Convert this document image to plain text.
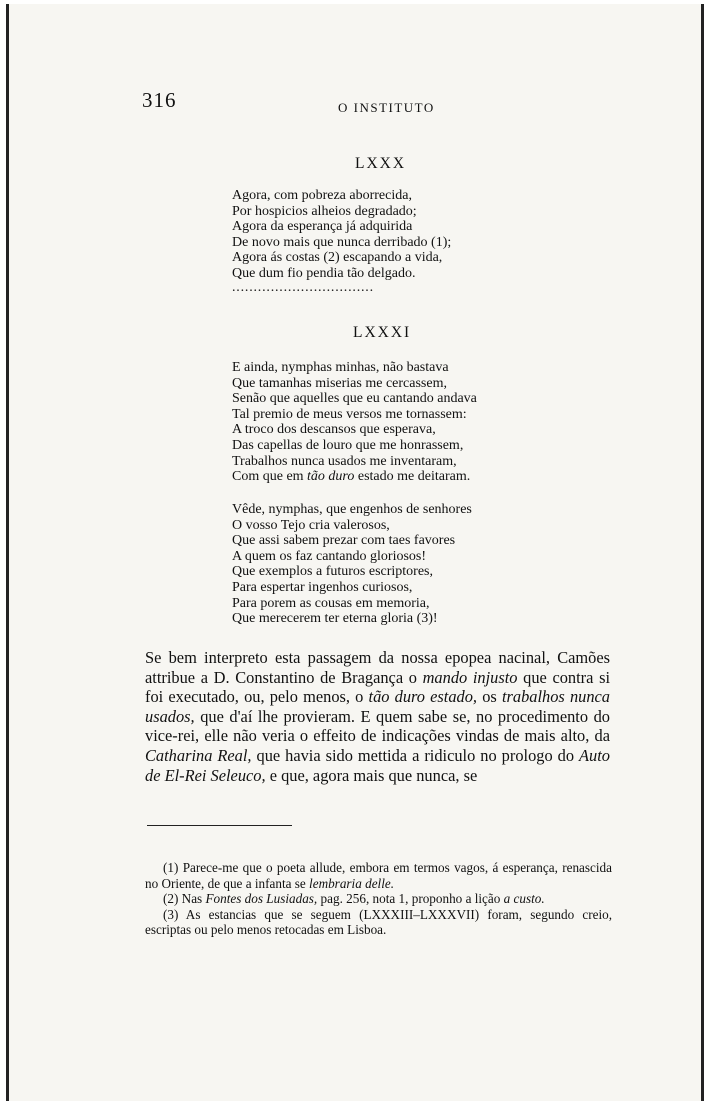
316	O INSTITUTO
LXXX
Agora, com pobreza aborrecida,
Por hospicios alheios degradado;
Agora da esperança já adquirida
De novo mais que nunca derribado (1);
Agora ás costas (2) escapando a vida,
Que dum fio pendia tão delgado.
.................................
LXXXI
E ainda, nymphas minhas, não bastava
Que tamanhas miserias me cercassem,
Senão que aquelles que eu cantando andava
Tal premio de meus versos me tornassem:
A troco dos descansos que esperava,
Das capellas de louro que me honrassem,
Trabalhos nunca usados me inventaram,
Com que em tão duro estado me deitaram.
Vêde, nymphas, que engenhos de senhores
O vosso Tejo cria valerosos,
Que assi sabem prezar com taes favores
A quem os faz cantando gloriosos!
Que exemplos a futuros escriptores,
Para espertar ingenhos curiosos,
Para porem as cousas em memoria,
Que merecerem ter eterna gloria (3)!
Se bem interpreto esta passagem da nossa epopea nacinal, Camões attribue a D. Constantino de Bragança o mando injusto que contra si foi executado, ou, pelo menos, o tão duro estado, os trabalhos nunca usados, que d'aí lhe provieram. E quem sabe se, no procedimento do vice-rei, elle não veria o effeito de indicações vindas de mais alto, da Catharina Real, que havia sido mettida a ridiculo no prologo do Auto de El-Rei Seleuco, e que, agora mais que nunca, se

(1) Parece-me que o poeta allude, embora em termos vagos, á esperança, renascida no Oriente, de que a infanta se lembraria delle.

(2) Nas Fontes dos Lusiadas, pag. 256, nota 1, proponho a lição a custo.

(3) As estancias que se seguem (LXXXIII–LXXXVII) foram, segundo creio, escriptas ou pelo menos retocadas em Lisboa.
